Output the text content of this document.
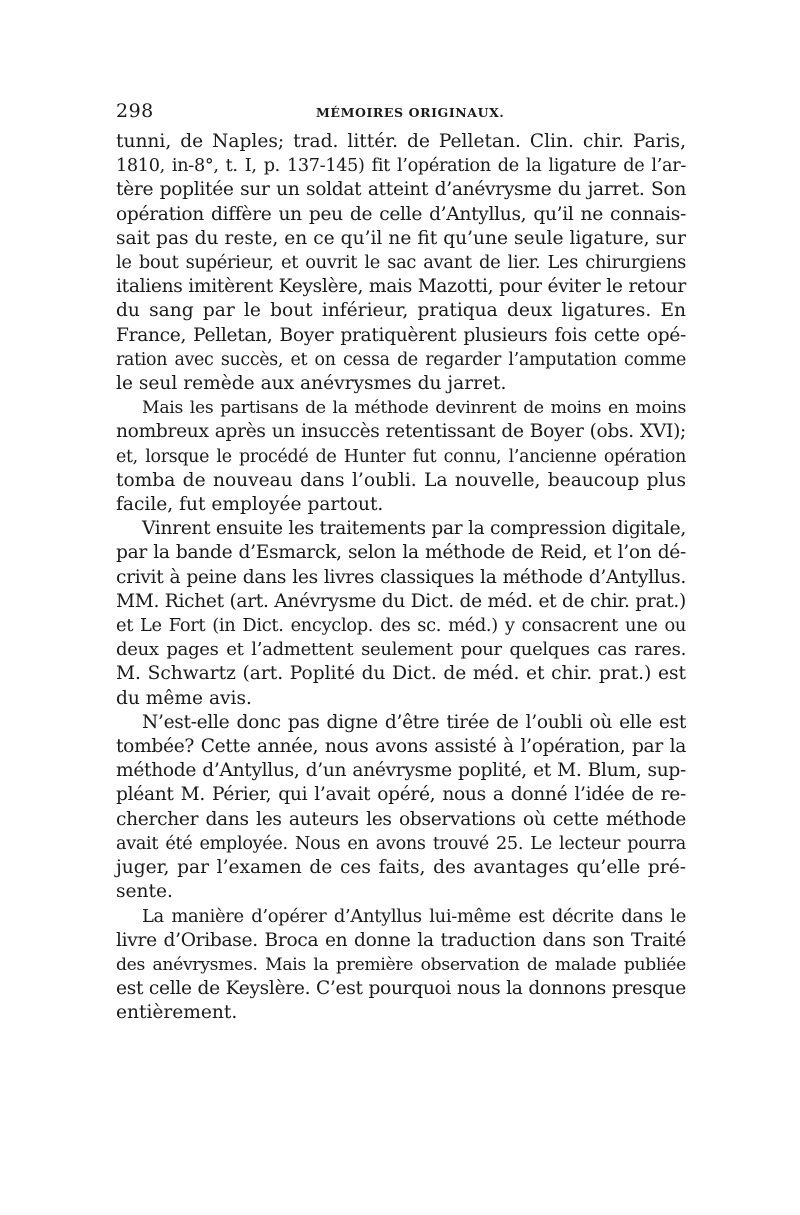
298	MÉMOIRES ORIGINAUX.
tunni, de Naples; trad. littér. de Pelletan. Clin. chir. Paris,
1810, in-8°, t. I, p. 137-145) fit l’opération de la ligature de l’ar-
tère poplitée sur un soldat atteint d’anévrysme du jarret. Son
opération diffère un peu de celle d’Antyllus, qu’il ne connais-
sait pas du reste, en ce qu’il ne fit qu’une seule ligature, sur
le bout supérieur, et ouvrit le sac avant de lier. Les chirurgiens
italiens imitèrent Keyslère, mais Mazotti, pour éviter le retour
du sang par le bout inférieur, pratiqua deux ligatures. En
France, Pelletan, Boyer pratiquèrent plusieurs fois cette opé-
ration avec succès, et on cessa de regarder l’amputation comme
le seul remède aux anévrysmes du jarret.
Mais les partisans de la méthode devinrent de moins en moins
nombreux après un insuccès retentissant de Boyer (obs. XVI);
et, lorsque le procédé de Hunter fut connu, l’ancienne opération
tomba de nouveau dans l’oubli. La nouvelle, beaucoup plus
facile, fut employée partout.
Vinrent ensuite les traitements par la compression digitale,
par la bande d’Esmarck, selon la méthode de Reid, et l’on dé-
crivit à peine dans les livres classiques la méthode d’Antyllus.
MM. Richet (art. Anévrysme du Dict. de méd. et de chir. prat.)
et Le Fort (in Dict. encyclop. des sc. méd.) y consacrent une ou
deux pages et l’admettent seulement pour quelques cas rares.
M. Schwartz (art. Poplité du Dict. de méd. et chir. prat.) est
du même avis.
N’est-elle donc pas digne d’être tirée de l’oubli où elle est
tombée? Cette année, nous avons assisté à l’opération, par la
méthode d’Antyllus, d’un anévrysme poplité, et M. Blum, sup-
pléant M. Périer, qui l’avait opéré, nous a donné l’idée de re-
chercher dans les auteurs les observations où cette méthode
avait été employée. Nous en avons trouvé 25. Le lecteur pourra
juger, par l’examen de ces faits, des avantages qu’elle pré-
sente.
La manière d’opérer d’Antyllus lui-même est décrite dans le
livre d’Oribase. Broca en donne la traduction dans son Traité
des anévrysmes. Mais la première observation de malade publiée
est celle de Keyslère. C’est pourquoi nous la donnons presque
entièrement.
